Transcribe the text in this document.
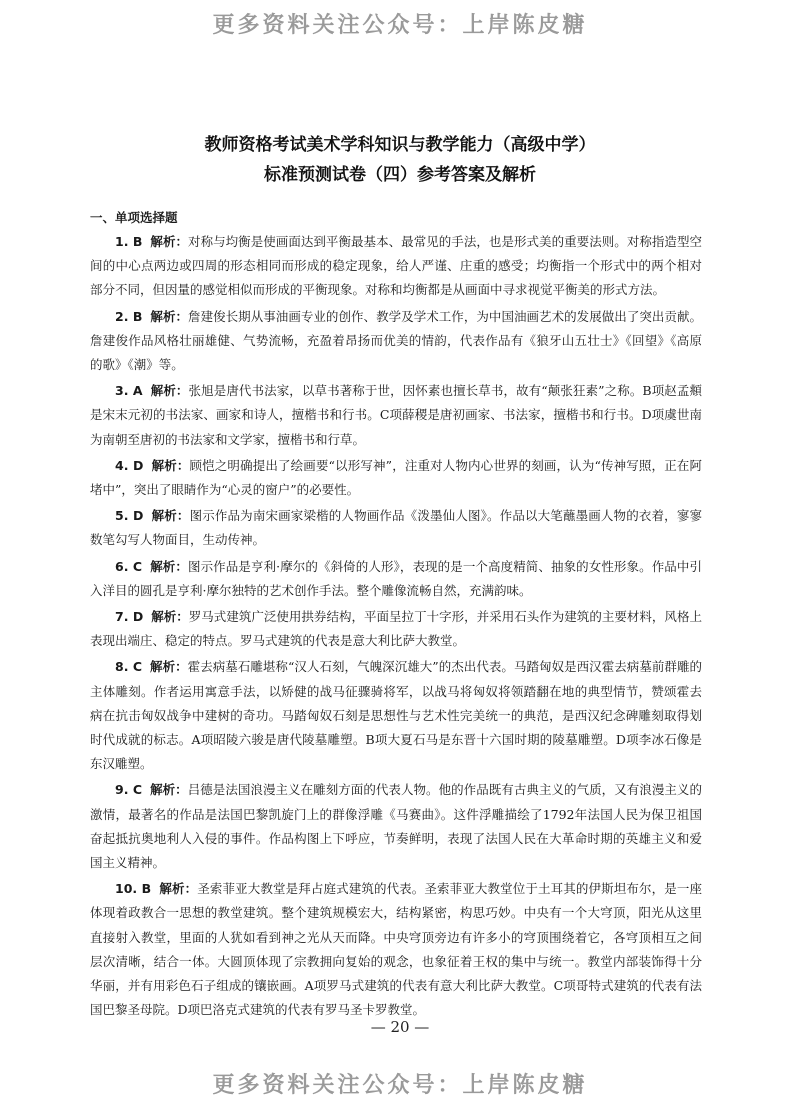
更多资料关注公众号：上岸陈皮糖
教师资格考试美术学科知识与教学能力（高级中学）
标准预测试卷（四）参考答案及解析
一、单项选择题

1. B 解析：对称与均衡是使画面达到平衡最基本、最常见的手法，也是形式美的重要法则。对称指造型空间的中心点两边或四周的形态相同而形成的稳定现象，给人严谨、庄重的感受；均衡指一个形式中的两个相对部分不同，但因量的感觉相似而形成的平衡现象。对称和均衡都是从画面中寻求视觉平衡美的形式方法。

2. B 解析：詹建俊长期从事油画专业的创作、教学及学术工作，为中国油画艺术的发展做出了突出贡献。詹建俊作品风格壮丽雄健、气势流畅，充盈着昂扬而优美的情韵，代表作品有《狼牙山五壮士》《回望》《高原的歌》《潮》等。

3. A 解析：张旭是唐代书法家，以草书著称于世，因怀素也擅长草书，故有“颠张狂素”之称。B项赵孟頫是宋末元初的书法家、画家和诗人，擅楷书和行书。C项薛稷是唐初画家、书法家，擅楷书和行书。D项虞世南为南朝至唐初的书法家和文学家，擅楷书和行草。

4. D 解析：顾恺之明确提出了绘画要“以形写神”，注重对人物内心世界的刻画，认为“传神写照，正在阿堵中”，突出了眼睛作为“心灵的窗户”的必要性。

5. D 解析：图示作品为南宋画家梁楷的人物画作品《泼墨仙人图》。作品以大笔蘸墨画人物的衣着，寥寥数笔勾写人物面目，生动传神。

6. C 解析：图示作品是亨利·摩尔的《斜倚的人形》，表现的是一个高度精简、抽象的女性形象。作品中引入洋目的圆孔是亨利·摩尔独特的艺术创作手法。整个雕像流畅自然，充满韵味。

7. D 解析：罗马式建筑广泛使用拱券结构，平面呈拉丁十字形，并采用石头作为建筑的主要材料，风格上表现出端庄、稳定的特点。罗马式建筑的代表是意大利比萨大教堂。

8. C 解析：霍去病墓石雕堪称“汉人石刻，气魄深沉雄大”的杰出代表。马踏匈奴是西汉霍去病墓前群雕的主体雕刻。作者运用寓意手法，以矫健的战马征骤骑将军，以战马将匈奴将领踏翻在地的典型情节，赞颂霍去病在抗击匈奴战争中建树的奇功。马踏匈奴石刻是思想性与艺术性完美统一的典范，是西汉纪念碑雕刻取得划时代成就的标志。A项昭陵六骏是唐代陵墓雕塑。B项大夏石马是东晋十六国时期的陵墓雕塑。D项李冰石像是东汉雕塑。

9. C 解析：吕德是法国浪漫主义在雕刻方面的代表人物。他的作品既有古典主义的气质，又有浪漫主义的激情，最著名的作品是法国巴黎凯旋门上的群像浮雕《马赛曲》。这件浮雕描绘了1792年法国人民为保卫祖国奋起抵抗奥地利人入侵的事件。作品构图上下呼应，节奏鲜明，表现了法国人民在大革命时期的英雄主义和爱国主义精神。

10. B 解析：圣索菲亚大教堂是拜占庭式建筑的代表。圣索菲亚大教堂位于土耳其的伊斯坦布尔，是一座体现着政教合一思想的教堂建筑。整个建筑规模宏大，结构紧密，构思巧妙。中央有一个大穹顶，阳光从这里直接射入教堂，里面的人犹如看到神之光从天而降。中央穹顶旁边有许多小的穹顶围绕着它，各穹顶相互之间层次清晰，结合一体。大圆顶体现了宗教拥向复始的观念，也象征着王权的集中与统一。教堂内部装饰得十分华丽，并有用彩色石子组成的镶嵌画。A项罗马式建筑的代表有意大利比萨大教堂。C项哥特式建筑的代表有法国巴黎圣母院。D项巴洛克式建筑的代表有罗马圣卡罗教堂。

— 20 —
更多资料关注公众号：上岸陈皮糖
